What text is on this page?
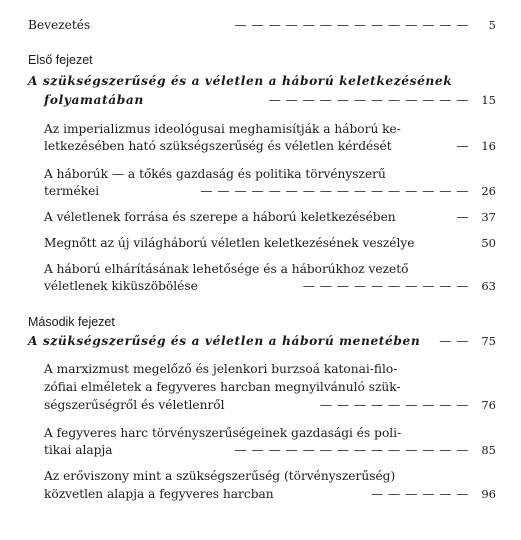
Bevezetés	— — — — — — — — — — — — — — 5
Első fejezet
A szükségszerűség és a véletlen a háború keletkezésének
folyamatában	— — — — — — — — — — — — 15
Az imperializmus ideológusai meghamisítják a háború ke-
letkezésében ható szükségszerűség és véletlen kérdését	— 16
A háborúk — a tőkés gazdaság és politika törvényszerű
termékei	— — — — — — — — — — — — — — — — 26
A véletlenek forrása és szerepe a háború keletkezésében	— 37
Megnőtt az új világháború véletlen keletkezésének veszélye	50
A háború elhárításának lehetősége és a háborúkhoz vezető
véletlenek kiküszöbölése	— — — — — — — — — — 63
Második fejezet
A szükségszerűség és a véletlen a háború menetében	— — 75
A marxizmust megelőző és jelenkori burzsoá katonai-filo-
zófiai elméletek a fegyveres harcban megnyilvánuló szük-
ségszerűségről és véletlenről	— — — — — — — — — 76
A fegyveres harc törvényszerűségeinek gazdasági és poli-
tikai alapja	— — — — — — — — — — — — — — 85
Az erőviszony mint a szükségszerűség (törvényszerűség)
közvetlen alapja a fegyveres harcban	— — — — — — 96
